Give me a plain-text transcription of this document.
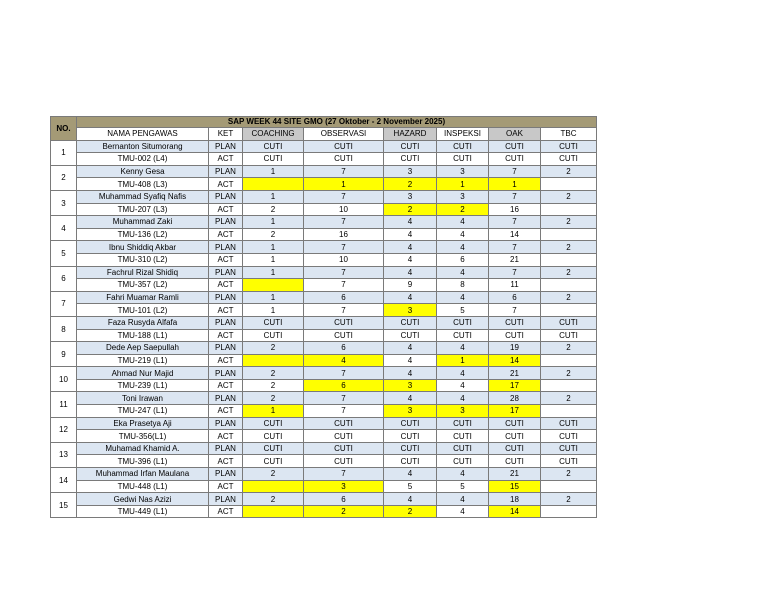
NO.	SAP WEEK 44 SITE GMO (27 Oktober - 2 November 2025)							
	NAMA PENGAWAS	KET	COACHING	OBSERVASI	HAZARD	INSPEKSI	OAK	TBC
1	Bernanton Situmorang	PLAN	CUTI	CUTI	CUTI	CUTI	CUTI	CUTI
	TMU-002 (L4)	ACT	CUTI	CUTI	CUTI	CUTI	CUTI	CUTI
2	Kenny Gesa	PLAN	1	7	3	3	7	2
	TMU-408 (L3)	ACT		1	2	1	1	
3	Muhammad Syafiq Nafis	PLAN	1	7	3	3	7	2
	TMU-207 (L3)	ACT	2	10	2	2	16	
4	Muhammad Zaki	PLAN	1	7	4	4	7	2
	TMU-136 (L2)	ACT	2	16	4	4	14	
5	Ibnu Shiddiq Akbar	PLAN	1	7	4	4	7	2
	TMU-310 (L2)	ACT	1	10	4	6	21	
6	Fachrul Rizal Shidiq	PLAN	1	7	4	4	7	2
	TMU-357 (L2)	ACT		7	9	8	11	
7	Fahri Muamar Ramli	PLAN	1	6	4	4	6	2
	TMU-101 (L2)	ACT	1	7	3	5	7	
8	Faza Rusyda Alfafa	PLAN	CUTI	CUTI	CUTI	CUTI	CUTI	CUTI
	TMU-188 (L1)	ACT	CUTI	CUTI	CUTI	CUTI	CUTI	CUTI
9	Dede Aep Saepullah	PLAN	2	6	4	4	19	2
	TMU-219 (L1)	ACT		4	4	1	14	
10	Ahmad Nur Majid	PLAN	2	7	4	4	21	2
	TMU-239 (L1)	ACT	2	6	3	4	17	
11	Toni Irawan	PLAN	2	7	4	4	28	2
	TMU-247 (L1)	ACT	1	7	3	3	17	
12	Eka Prasetya Aji	PLAN	CUTI	CUTI	CUTI	CUTI	CUTI	CUTI
	TMU-356(L1)	ACT	CUTI	CUTI	CUTI	CUTI	CUTI	CUTI
13	Muhamad Khamid A.	PLAN	CUTI	CUTI	CUTI	CUTI	CUTI	CUTI
	TMU-396 (L1)	ACT	CUTI	CUTI	CUTI	CUTI	CUTI	CUTI
14	Muhammad Irfan Maulana	PLAN	2	7	4	4	21	2
	TMU-448 (L1)	ACT		3	5	5	15	
15	Gedwi Nas Azizi	PLAN	2	6	4	4	18	2
	TMU-449 (L1)	ACT		2	2	4	14	
